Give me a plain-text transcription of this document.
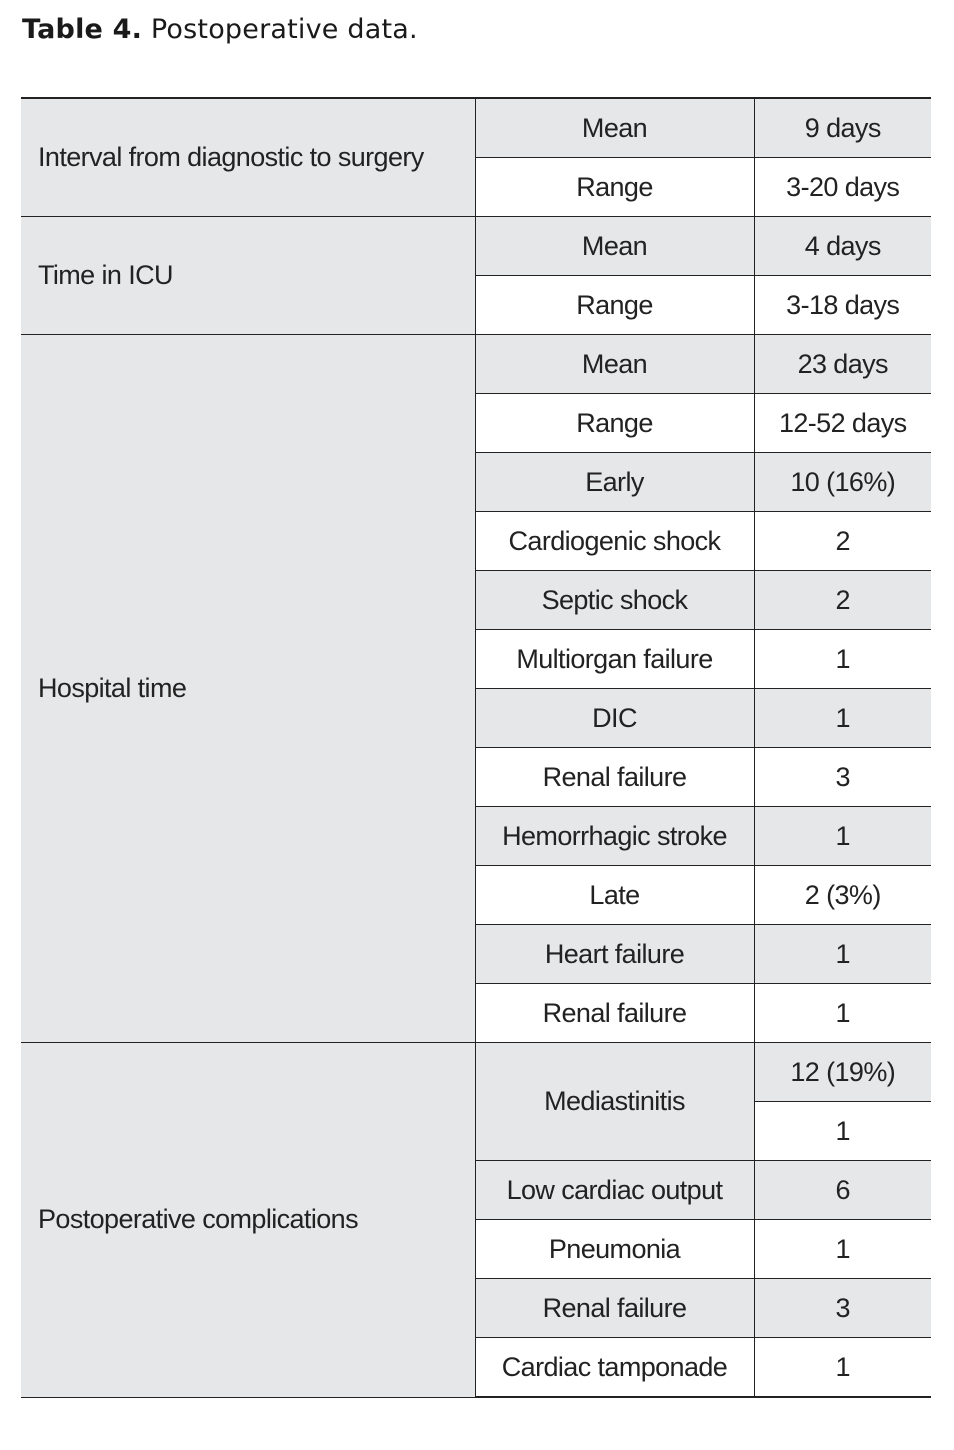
Table 4. Postoperative data.
Interval from diagnostic to surgery	Mean	9 days
	Range	3-20 days
Time in ICU	Mean	4 days
	Range	3-18 days
Hospital time	Mean	23 days
	Range	12-52 days
	Early	10 (16%)
	Cardiogenic shock	2
	Septic shock	2
	Multiorgan failure	1
	DIC	1
	Renal failure	3
	Hemorrhagic stroke	1
	Late	2 (3%)
	Heart failure	1
	Renal failure	1
Postoperative complications	Mediastinitis	12 (19%)
		1
	Low cardiac output	6
	Pneumonia	1
	Renal failure	3
	Cardiac tamponade	1
